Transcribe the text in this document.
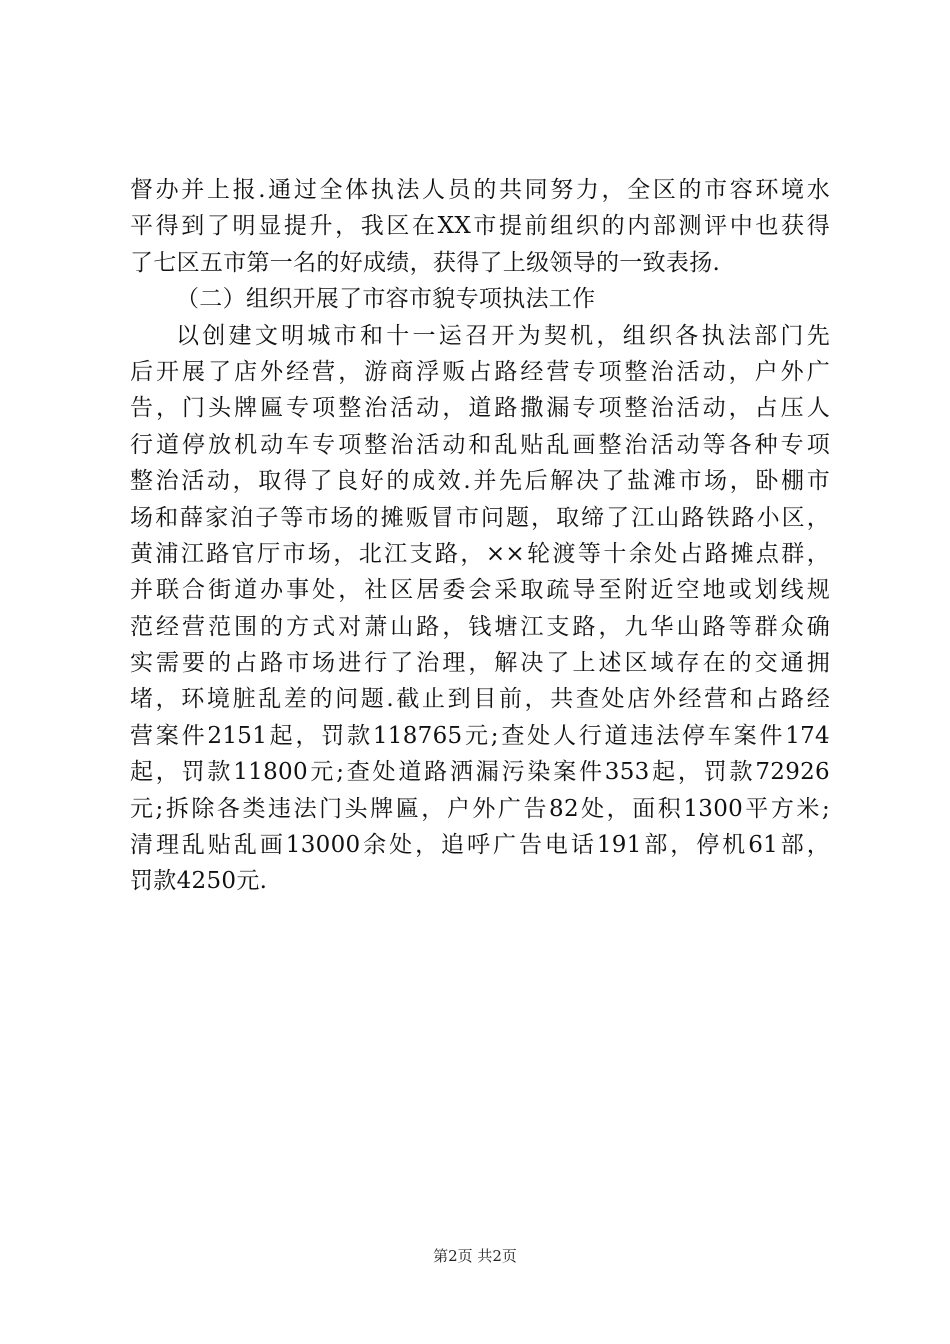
督办并上报.通过全体执法人员的共同努力，全区的市容环境水
平得到了明显提升，我区在XX市提前组织的内部测评中也获得
了七区五市第一名的好成绩，获得了上级领导的一致表扬.
（二）组织开展了市容市貌专项执法工作
以创建文明城市和十一运召开为契机，组织各执法部门先
后开展了店外经营，游商浮贩占路经营专项整治活动，户外广
告，门头牌匾专项整治活动，道路撒漏专项整治活动，占压人
行道停放机动车专项整治活动和乱贴乱画整治活动等各种专项
整治活动，取得了良好的成效.并先后解决了盐滩市场，卧棚市
场和薛家泊子等市场的摊贩冒市问题，取缔了江山路铁路小区，
黄浦江路官厅市场，北江支路，××轮渡等十余处占路摊点群，
并联合街道办事处，社区居委会采取疏导至附近空地或划线规
范经营范围的方式对萧山路，钱塘江支路，九华山路等群众确
实需要的占路市场进行了治理，解决了上述区域存在的交通拥
堵，环境脏乱差的问题.截止到目前，共查处店外经营和占路经
营案件2151起，罚款118765元;查处人行道违法停车案件174
起，罚款11800元;查处道路洒漏污染案件353起，罚款72926
元;拆除各类违法门头牌匾，户外广告82处，面积1300平方米;
清理乱贴乱画13000余处，追呼广告电话191部，停机61部，
罚款4250元.
第2页 共2页
